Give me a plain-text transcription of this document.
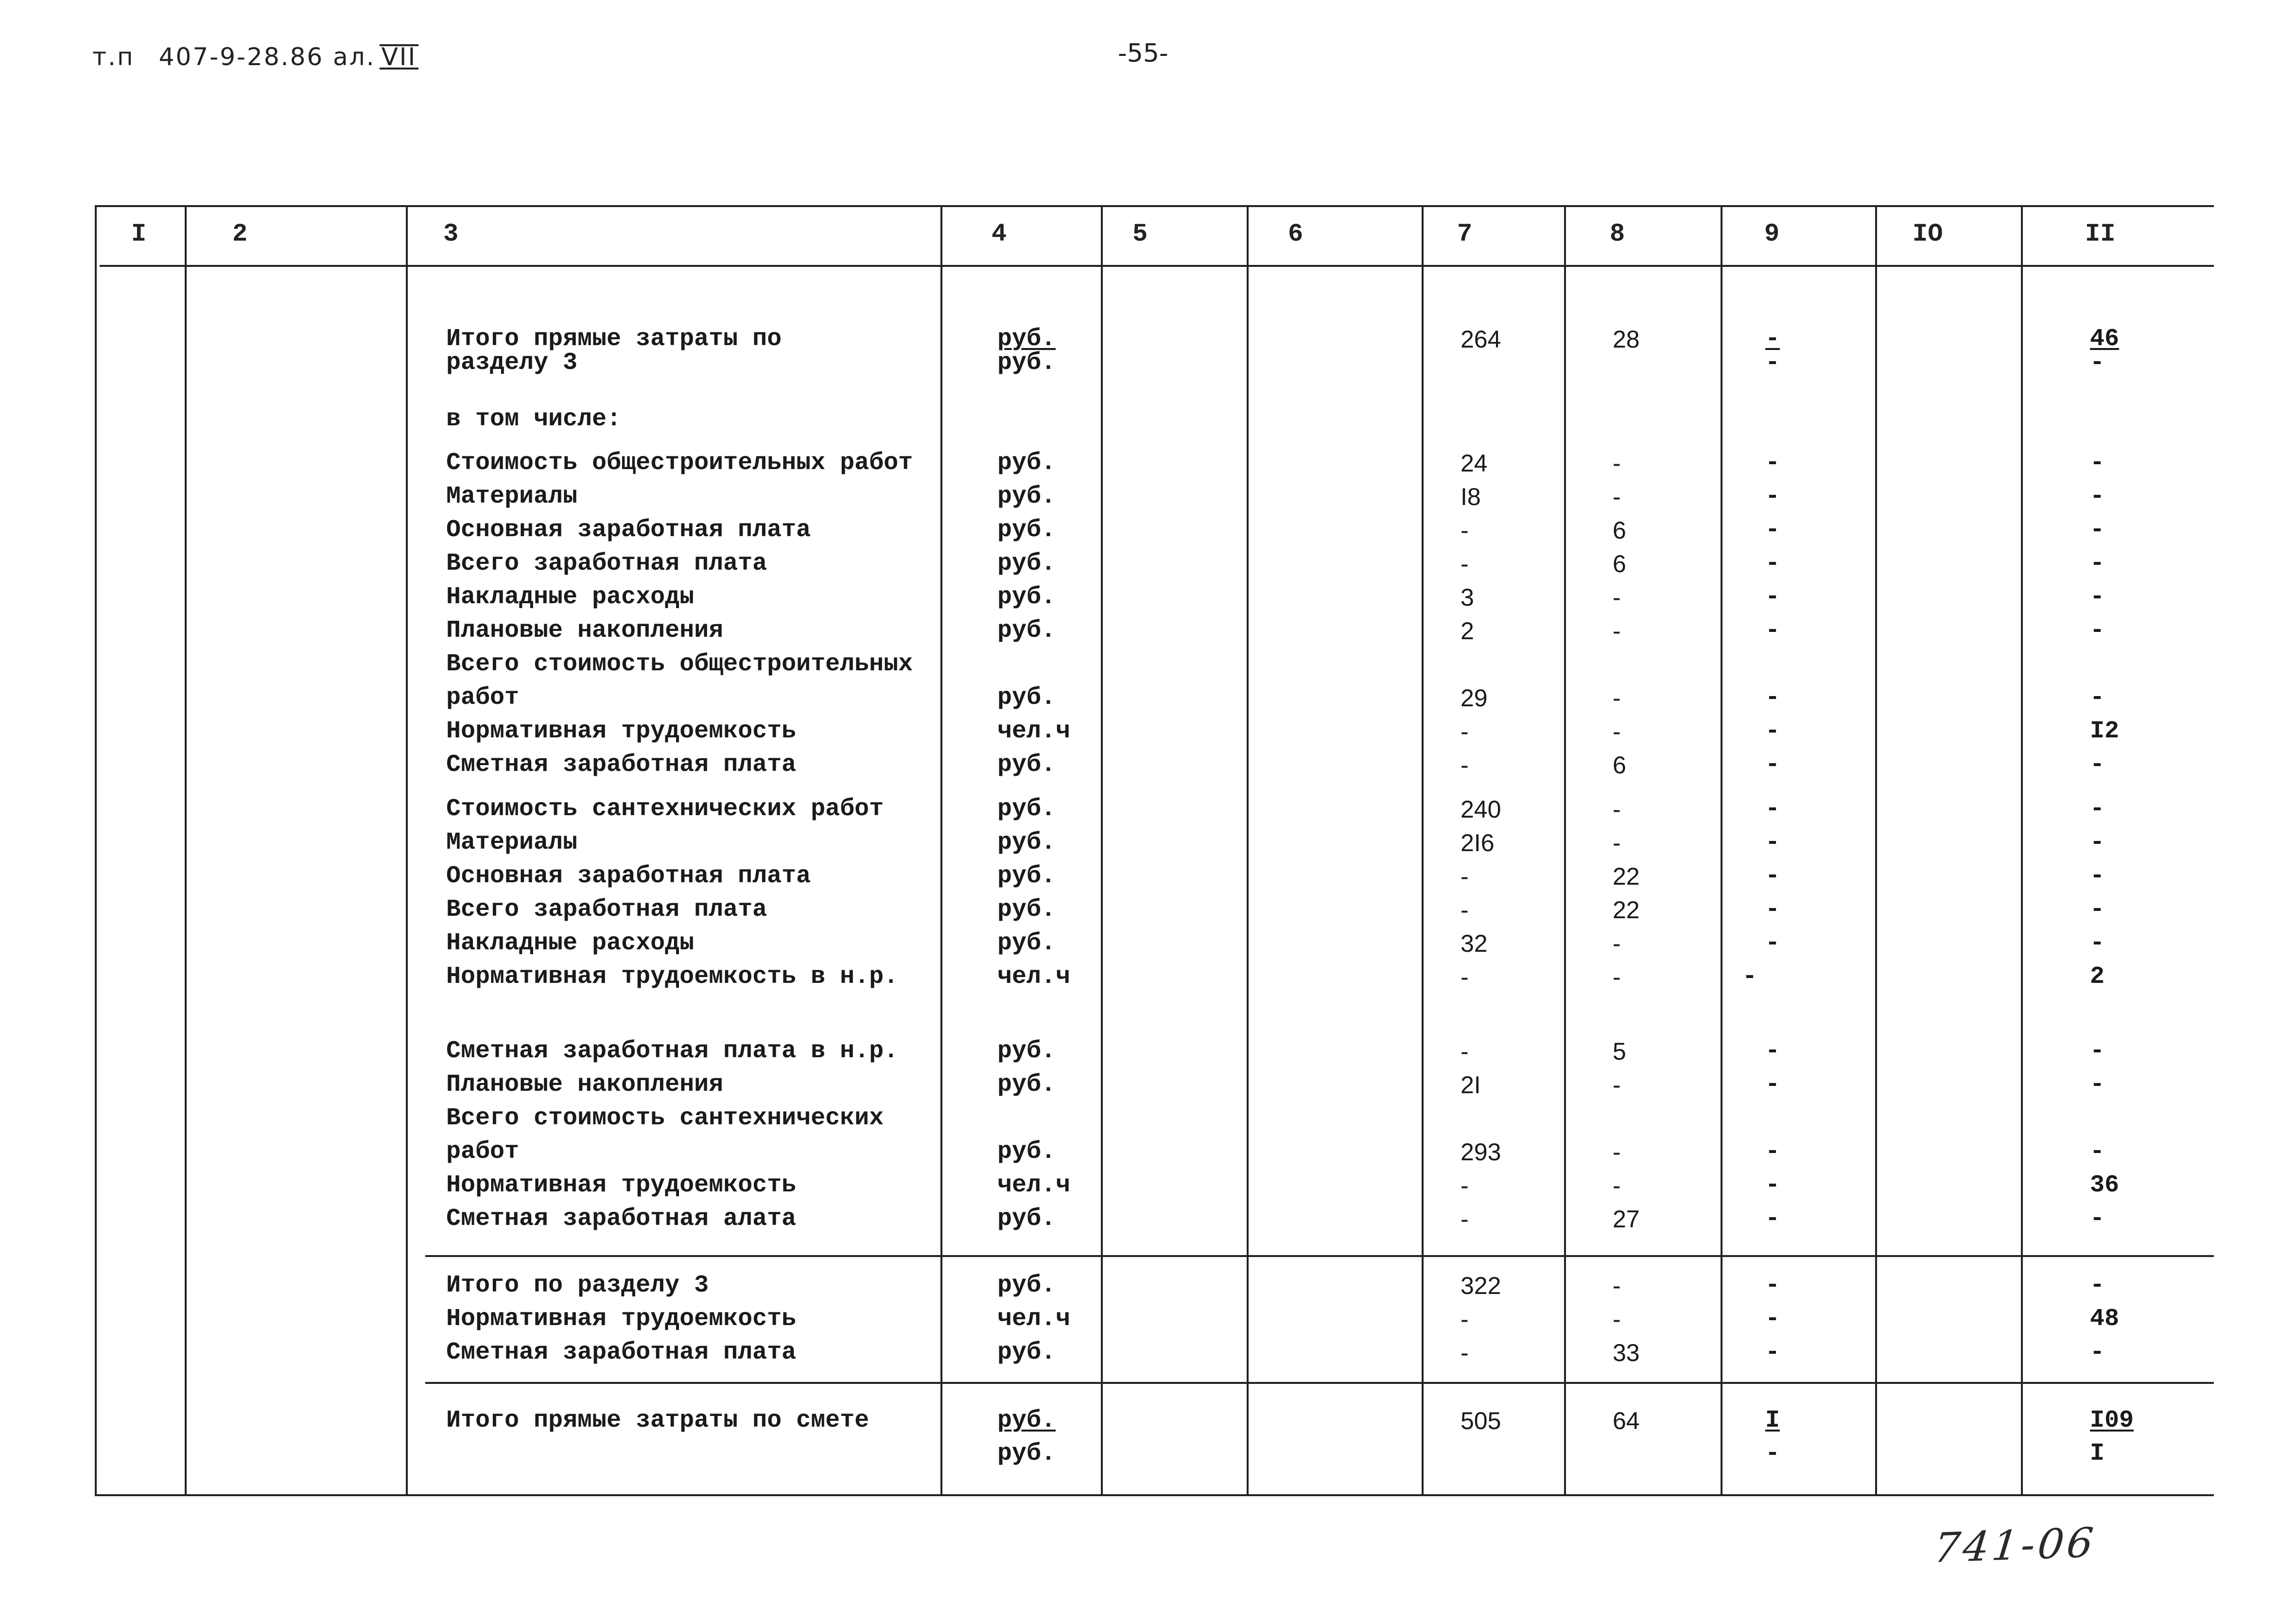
т.п 407-9-28.86 ал. VII	-55-
I	2	3	4	5	6	7	8	9	IO	II
Итого прямые затраты по	руб.	264	28	-	46
разделу 3	руб.	-	-
в том числе:
Стоимость общестроительных работ	руб.	24	-	-	-
Материалы	руб.	I8	-	-	-
Основная заработная плата	руб.	-	6	-	-
Всего заработная плата	руб.	-	6	-	-
Накладные расходы	руб.	3	-	-	-
Плановые накопления	руб.	2	-	-	-
Всего стоимость общестроительных
работ	руб.	29	-	-	-
Нормативная трудоемкость	чел.ч	-	-	-	I2
Сметная заработная плата	руб.	-	6	-	-
Стоимость сантехнических работ	руб.	240	-	-	-
Материалы	руб.	2I6	-	-	-
Основная заработная плата	руб.	-	22	-	-
Всего заработная плата	руб.	-	22	-	-
Накладные расходы	руб.	32	-	-	-
Нормативная трудоемкость в н.р.	чел.ч	-	-	-	2
Сметная заработная плата в н.р.	руб.	-	5	-	-
Плановые накопления	руб.	2I	-	-	-
Всего стоимость сантехнических
работ	руб.	293	-	-	-
Нормативная трудоемкость	чел.ч	-	-	-	36
Сметная заработная алата	руб.	-	27	-	-
Итого по разделу 3	руб.	322	-	-	-
Нормативная трудоемкость	чел.ч	-	-	-	48
Сметная заработная плата	руб.	-	33	-	-
Итого прямые затраты по смете	руб.	505	64	I	I09
руб.	-	I
741-06
